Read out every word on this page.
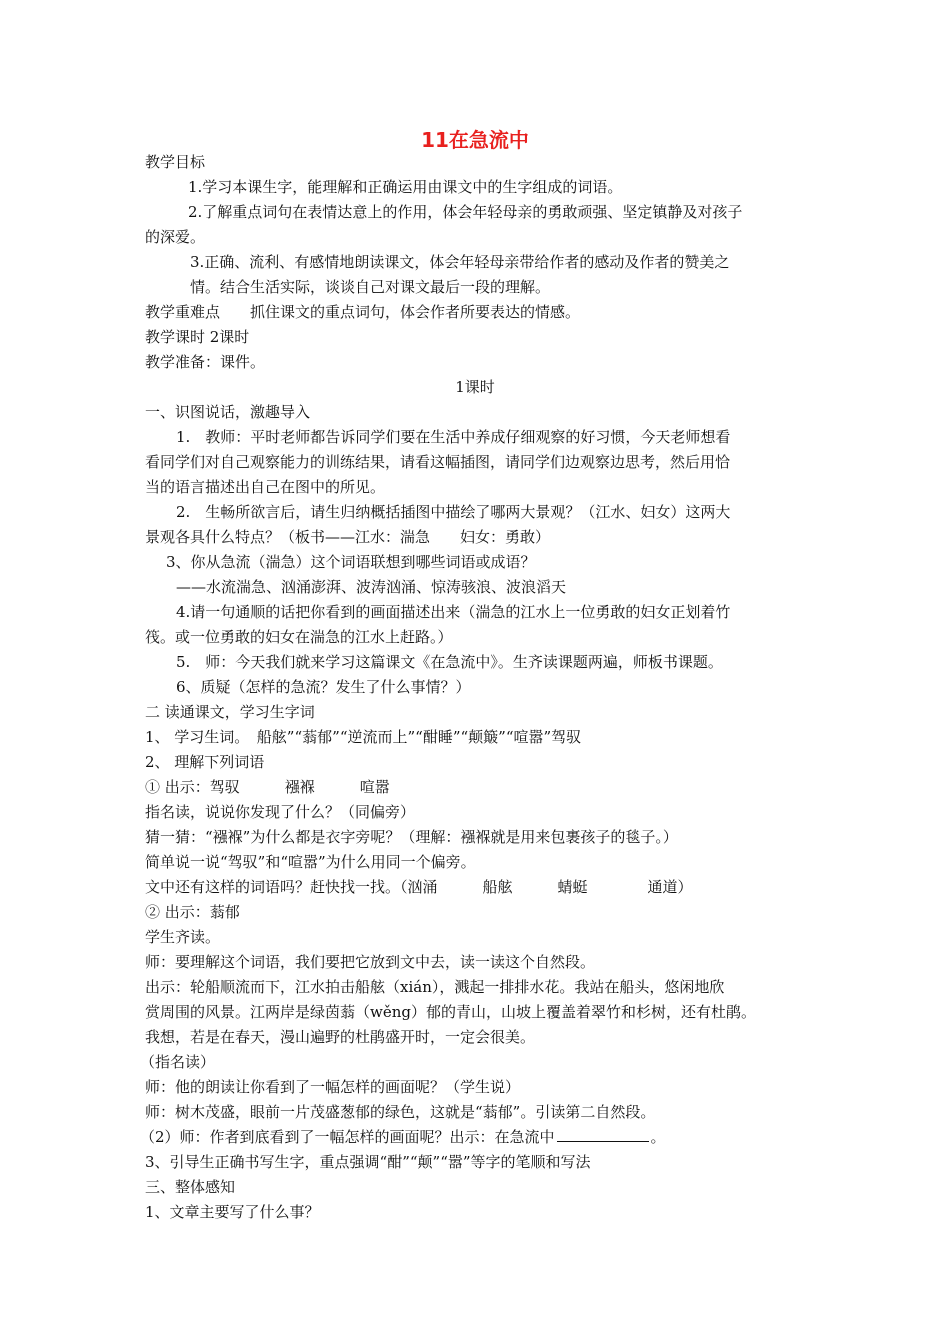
11在急流中
教学目标
1.学习本课生字，能理解和正确运用由课文中的生字组成的词语。
2.了解重点词句在表情达意上的作用，体会年轻母亲的勇敢顽强、坚定镇静及对孩子
的深爱。
3.正确、流利、有感情地朗读课文，体会年轻母亲带给作者的感动及作者的赞美之
情。结合生活实际，谈谈自己对课文最后一段的理解。
教学重难点　　抓住课文的重点词句，体会作者所要表达的情感。
教学课时 2课时
教学准备：课件。
1课时
一、识图说话，激趣导入
1.　教师：平时老师都告诉同学们要在生活中养成仔细观察的好习惯，今天老师想看
看同学们对自己观察能力的训练结果，请看这幅插图，请同学们边观察边思考，然后用恰
当的语言描述出自己在图中的所见。
2.　生畅所欲言后，请生归纳概括插图中描绘了哪两大景观？（江水、妇女）这两大
景观各具什么特点？（板书——江水：湍急　　妇女：勇敢）
3、你从急流（湍急）这个词语联想到哪些词语或成语？
——水流湍急、汹涌澎湃、波涛汹涌、惊涛骇浪、波浪滔天
4.请一句通顺的话把你看到的画面描述出来（湍急的江水上一位勇敢的妇女正划着竹
筏。或一位勇敢的妇女在湍急的江水上赶路。）
5.　师：今天我们就来学习这篇课文《在急流中》。生齐读课题两遍，师板书课题。
6、质疑（怎样的急流？发生了什么事情？）
二 读通课文，学习生字词
1、 学习生词。　船舷”“蓊郁”“逆流而上”“酣睡”“颠簸”“喧嚣”驾驭
2、 理解下列词语
① 出示：驾驭　　　襁褓　　　喧嚣
指名读，说说你发现了什么？（同偏旁）
猜一猜：“襁褓”为什么都是衣字旁呢？（理解：襁褓就是用来包裹孩子的毯子。）
简单说一说“驾驭”和“喧嚣”为什么用同一个偏旁。
文中还有这样的词语吗？赶快找一找。（汹涌　　　船舷　　　蜻蜓　　　　通道）
② 出示：蓊郁
学生齐读。
师：要理解这个词语，我们要把它放到文中去，读一读这个自然段。
出示：轮船顺流而下，江水拍击船舷（xián），溅起一排排水花。我站在船头，悠闲地欣
赏周围的风景。江两岸是绿茵蓊（wěng）郁的青山，山坡上覆盖着翠竹和杉树，还有杜鹃。
我想，若是在春天，漫山遍野的杜鹃盛开时，一定会很美。
（指名读）
师：他的朗读让你看到了一幅怎样的画面呢？（学生说）
师：树木茂盛，眼前一片茂盛葱郁的绿色，这就是“蓊郁”。引读第二自然段。
（2）师：作者到底看到了一幅怎样的画面呢？出示：在急流中	。
3、引导生正确书写生字，重点强调“酣”“颠”“嚣”等字的笔顺和写法
三、整体感知
1、文章主要写了什么事？
